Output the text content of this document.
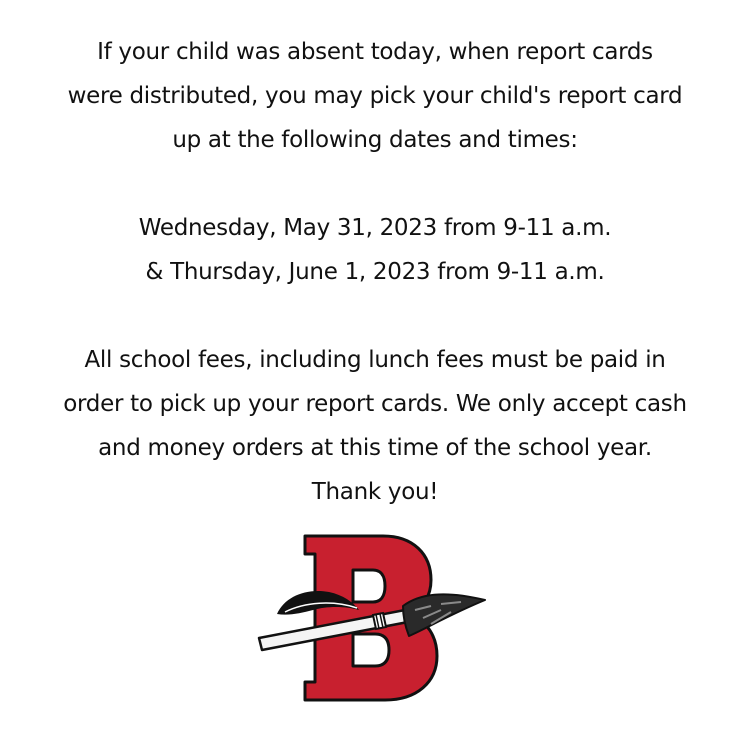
If your child was absent today, when report cards
were distributed, you may pick your child's report card
up at the following dates and times:

Wednesday, May 31, 2023 from 9-11 a.m.
& Thursday, June 1, 2023 from 9-11 a.m.

All school fees, including lunch fees must be paid in
order to pick up your report cards. We only accept cash
and money orders at this time of the school year.
Thank you!
